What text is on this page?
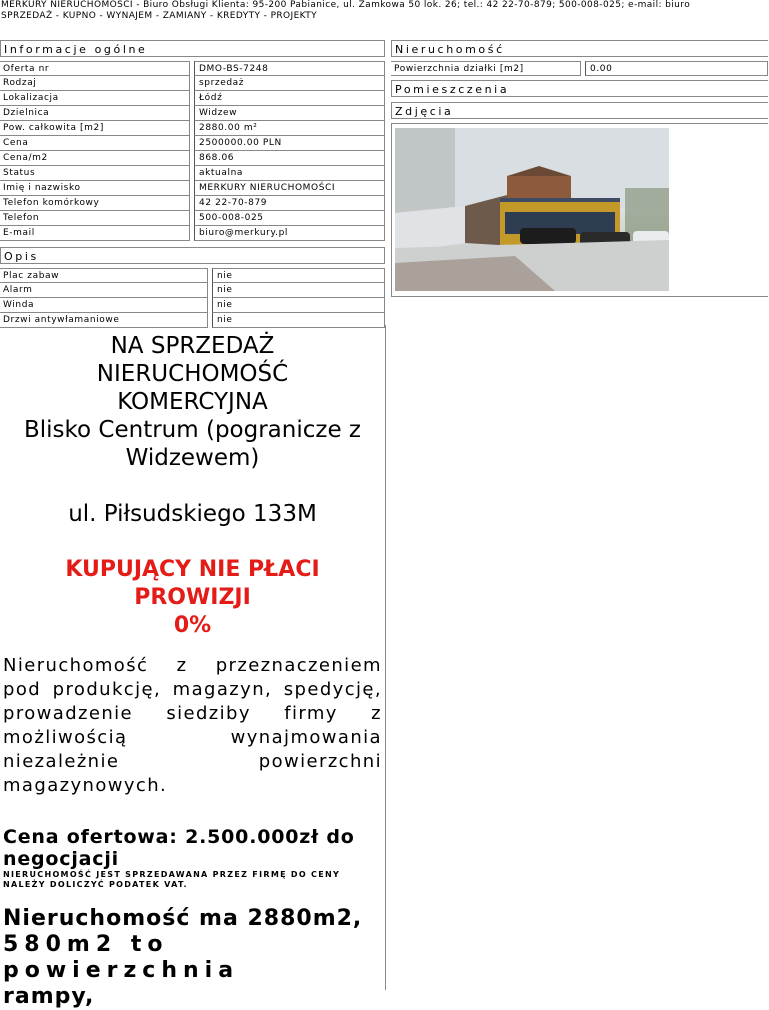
MERKURY NIERUCHOMOŚCI - Biuro Obsługi Klienta: 95-200 Pabianice, ul. Zamkowa 50 lok. 26; tel.: 42 22-70-879; 500-008-025; e-mail: biuro
SPRZEDAŻ - KUPNO - WYNAJEM - ZAMIANY - KREDYTY - PROJEKTY
Informacje ogólne
Oferta nr	DMO-BS-7248
Rodzaj	sprzedaż
Lokalizacja	Łódź
Dzielnica	Widzew
Pow. całkowita [m2]	2880.00 m²
Cena	2500000.00 PLN
Cena/m2	868.06
Status	aktualna
Imię i nazwisko	MERKURY NIERUCHOMOŚCI
Telefon komórkowy	42 22-70-879
Telefon	500-008-025
E-mail	biuro@merkury.pl
Opis
Plac zabaw	nie
Alarm	nie
Winda	nie
Drzwi antywłamaniowe	nie
Nieruchomość
Powierzchnia działki [m2]	0.00
Pomieszczenia
Zdjęcia
NA SPRZEDAŻ
NIERUCHOMOŚĆ
KOMERCYJNA
Blisko Centrum (pogranicze z
Widzewem)
ul. Piłsudskiego 133M
KUPUJĄCY NIE PŁACI
PROWIZJI
0%
Nieruchomość z przeznaczeniem pod produkcję, magazyn, spedycję, prowadzenie siedziby firmy z możliwością wynajmowania niezależnie powierzchni magazynowych.
Cena ofertowa: 2.500.000zł do negocjacji
NIERUCHOMOŚĆ JEST SPRZEDAWANA PRZEZ FIRMĘ DO CENY NALEŻY DOLICZYĆ PODATEK VAT.
Nieruchomość ma 2880m2,
580m2 to powierzchnia
rampy,
